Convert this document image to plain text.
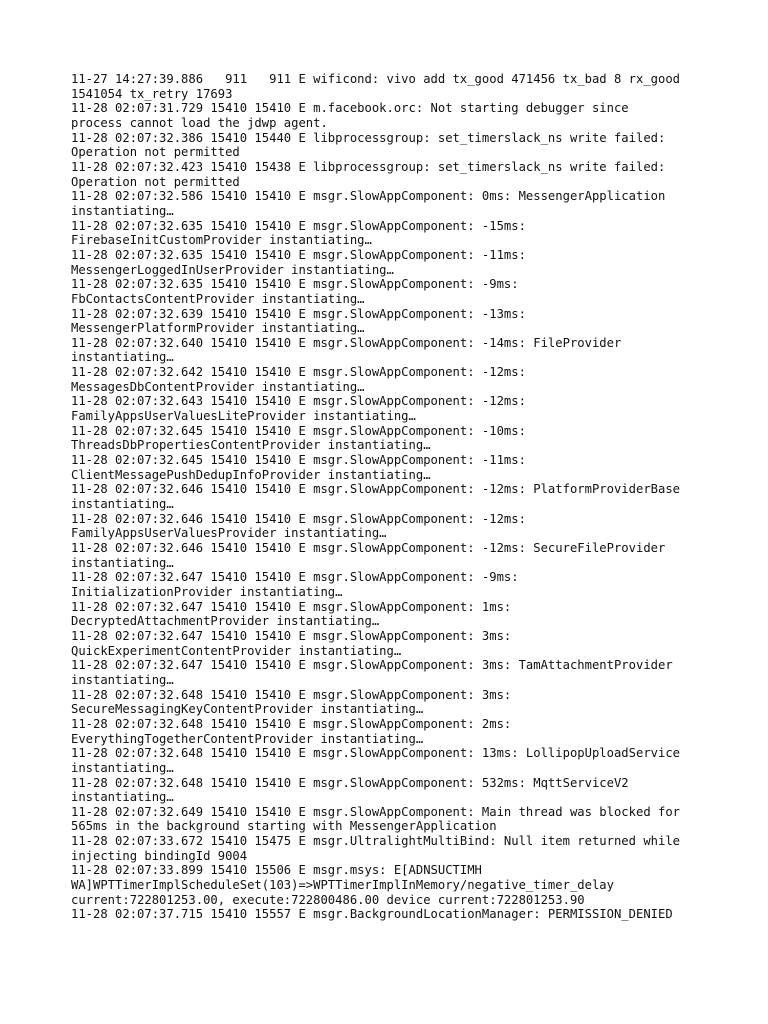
11-27 14:27:39.886   911   911 E wificond: vivo add tx_good 471456 tx_bad 8 rx_good

1541054 tx_retry 17693

11-28 02:07:31.729 15410 15410 E m.facebook.orc: Not starting debugger since

process cannot load the jdwp agent.

11-28 02:07:32.386 15410 15440 E libprocessgroup: set_timerslack_ns write failed:

Operation not permitted

11-28 02:07:32.423 15410 15438 E libprocessgroup: set_timerslack_ns write failed:

Operation not permitted

11-28 02:07:32.586 15410 15410 E msgr.SlowAppComponent: 0ms: MessengerApplication

instantiating…

11-28 02:07:32.635 15410 15410 E msgr.SlowAppComponent: -15ms:

FirebaseInitCustomProvider instantiating…

11-28 02:07:32.635 15410 15410 E msgr.SlowAppComponent: -11ms:

MessengerLoggedInUserProvider instantiating…

11-28 02:07:32.635 15410 15410 E msgr.SlowAppComponent: -9ms:

FbContactsContentProvider instantiating…

11-28 02:07:32.639 15410 15410 E msgr.SlowAppComponent: -13ms:

MessengerPlatformProvider instantiating…

11-28 02:07:32.640 15410 15410 E msgr.SlowAppComponent: -14ms: FileProvider

instantiating…

11-28 02:07:32.642 15410 15410 E msgr.SlowAppComponent: -12ms:

MessagesDbContentProvider instantiating…

11-28 02:07:32.643 15410 15410 E msgr.SlowAppComponent: -12ms:

FamilyAppsUserValuesLiteProvider instantiating…

11-28 02:07:32.645 15410 15410 E msgr.SlowAppComponent: -10ms:

ThreadsDbPropertiesContentProvider instantiating…

11-28 02:07:32.645 15410 15410 E msgr.SlowAppComponent: -11ms:

ClientMessagePushDedupInfoProvider instantiating…

11-28 02:07:32.646 15410 15410 E msgr.SlowAppComponent: -12ms: PlatformProviderBase

instantiating…

11-28 02:07:32.646 15410 15410 E msgr.SlowAppComponent: -12ms:

FamilyAppsUserValuesProvider instantiating…

11-28 02:07:32.646 15410 15410 E msgr.SlowAppComponent: -12ms: SecureFileProvider

instantiating…

11-28 02:07:32.647 15410 15410 E msgr.SlowAppComponent: -9ms:

InitializationProvider instantiating…

11-28 02:07:32.647 15410 15410 E msgr.SlowAppComponent: 1ms:

DecryptedAttachmentProvider instantiating…

11-28 02:07:32.647 15410 15410 E msgr.SlowAppComponent: 3ms:

QuickExperimentContentProvider instantiating…

11-28 02:07:32.647 15410 15410 E msgr.SlowAppComponent: 3ms: TamAttachmentProvider

instantiating…

11-28 02:07:32.648 15410 15410 E msgr.SlowAppComponent: 3ms:

SecureMessagingKeyContentProvider instantiating…

11-28 02:07:32.648 15410 15410 E msgr.SlowAppComponent: 2ms:

EverythingTogetherContentProvider instantiating…

11-28 02:07:32.648 15410 15410 E msgr.SlowAppComponent: 13ms: LollipopUploadService

instantiating…

11-28 02:07:32.648 15410 15410 E msgr.SlowAppComponent: 532ms: MqttServiceV2

instantiating…

11-28 02:07:32.649 15410 15410 E msgr.SlowAppComponent: Main thread was blocked for

565ms in the background starting with MessengerApplication

11-28 02:07:33.672 15410 15475 E msgr.UltralightMultiBind: Null item returned while

injecting bindingId 9004

11-28 02:07:33.899 15410 15506 E msgr.msys: E[ADNSUCTIMH

WA]WPTTimerImplScheduleSet(103)=>WPTTimerImplInMemory/negative_timer_delay

current:722801253.00, execute:722800486.00 device current:722801253.90

11-28 02:07:37.715 15410 15557 E msgr.BackgroundLocationManager: PERMISSION_DENIED
